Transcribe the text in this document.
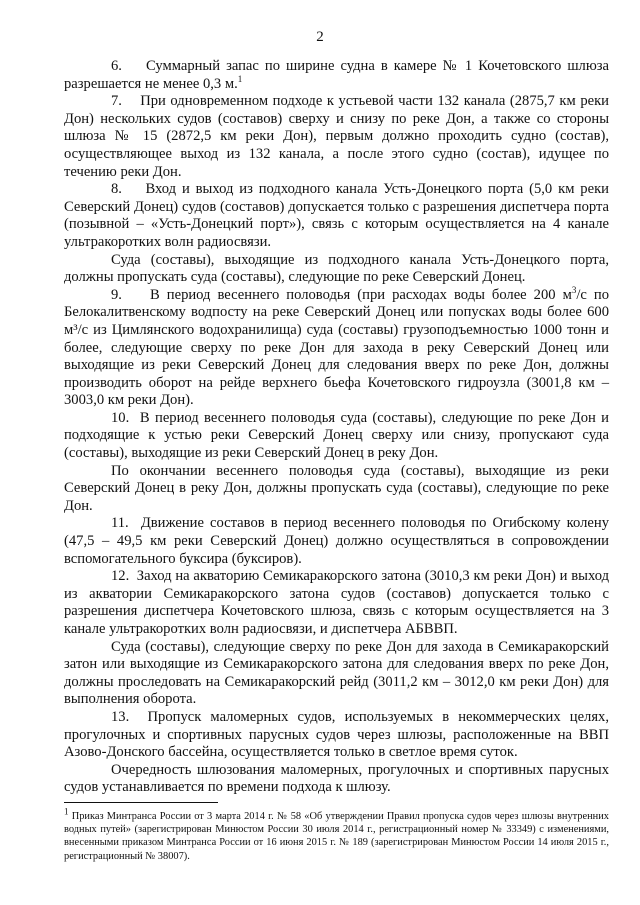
2

6.    Суммарный запас по ширине судна в камере № 1 Кочетовского шлюза разрешается не менее 0,3 м.$^1$

7.    При одновременном подходе к устьевой части 132 канала (2875,7 км реки Дон) нескольких судов (составов) сверху и снизу по реке Дон, а также со стороны шлюза № 15 (2872,5 км реки Дон), первым должно проходить судно (состав), осуществляющее выход из 132 канала, а после этого судно (состав), идущее по течению реки Дон.

8.    Вход и выход из подходного канала Усть-Донецкого порта (5,0 км реки Северский Донец) судов (составов) допускается только с разрешения диспетчера порта (позывной – «Усть-Донецкий порт»), связь с которым осуществляется на 4 канале ультракоротких волн радиосвязи.

Суда (составы), выходящие из подходного канала Усть-Донецкого порта, должны пропускать суда (составы), следующие по реке Северский Донец.

9.    В период весеннего половодья (при расходах воды более 200 $м^3/с$ по Белокалитвенскому водпосту на реке Северский Донец или попусках воды более 600 м³/с из Цимлянского водохранилища) суда (составы) грузоподъемностью 1000 тонн и более, следующие сверху по реке Дон для захода в реку Северский Донец или выходящие из реки Северский Донец для следования вверх по реке Дон, должны производить оборот на рейде верхнего бьефа Кочетовского гидроузла (3001,8 км – 3003,0 км реки Дон).

10.  В период весеннего половодья суда (составы), следующие по реке Дон и подходящие к устью реки Северский Донец сверху или снизу, пропускают суда (составы), выходящие из реки Северский Донец в реку Дон.

По окончании весеннего половодья суда (составы), выходящие из реки Северский Донец в реку Дон, должны пропускать суда (составы), следующие по реке Дон.

11.  Движение составов в период весеннего половодья по Огибскому колену (47,5 – 49,5 км реки Северский Донец) должно осуществляться в сопровождении вспомогательного буксира (буксиров).

12.  Заход на акваторию Семикаракорского затона (3010,3 км реки Дон) и выход из акватории Семикаракорского затона судов (составов) допускается только с разрешения диспетчера Кочетовского шлюза, связь с которым осуществляется на 3 канале ультракоротких волн радиосвязи, и диспетчера АБВВП.

Суда (составы), следующие сверху по реке Дон для захода в Семикаракорский затон или выходящие из Семикаракорского затона для следования вверх по реке Дон, должны проследовать на Семикаракорский рейд (3011,2 км – 3012,0 км реки Дон) для выполнения оборота.

13.  Пропуск маломерных судов, используемых в некоммерческих целях, прогулочных и спортивных парусных судов через шлюзы, расположенные на ВВП Азово-Донского бассейна, осуществляется только в светлое время суток.

Очередность шлюзования маломерных, прогулочных и спортивных парусных судов устанавливается по времени подхода к шлюзу.

$^1$ Приказ Минтранса России от 3 марта 2014 г. № 58 «Об утверждении Правил пропуска судов через шлюзы внутренних водных путей» (зарегистрирован Минюстом России 30 июля 2014 г., регистрационный номер № 33349) с изменениями, внесенными приказом Минтранса России от 16 июня 2015 г. № 189 (зарегистрирован Минюстом России 14 июля 2015 г., регистрационный № 38007).
